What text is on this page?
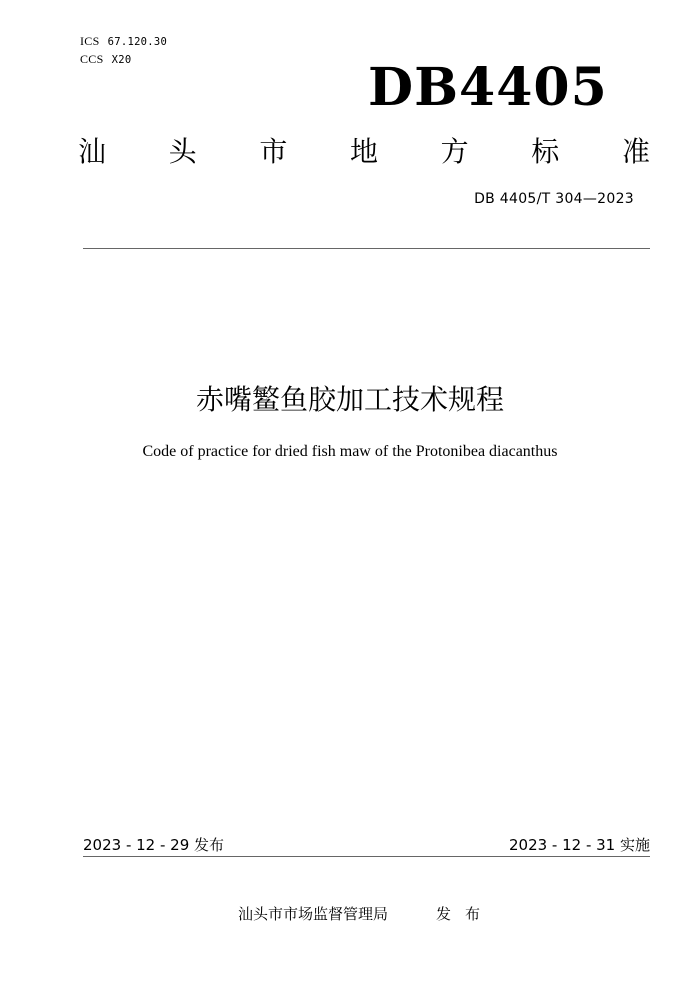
ICS 67.120.30
CCS X20	DB4405
汕 头 市 地 方 标 准
DB 4405/T 304—2023
赤嘴鳘鱼胶加工技术规程
Code of practice for dried fish maw of the Protonibea diacanthus
2023 - 12 - 29 发布	2023 - 12 - 31 实施
汕头市市场监督管理局	发布
